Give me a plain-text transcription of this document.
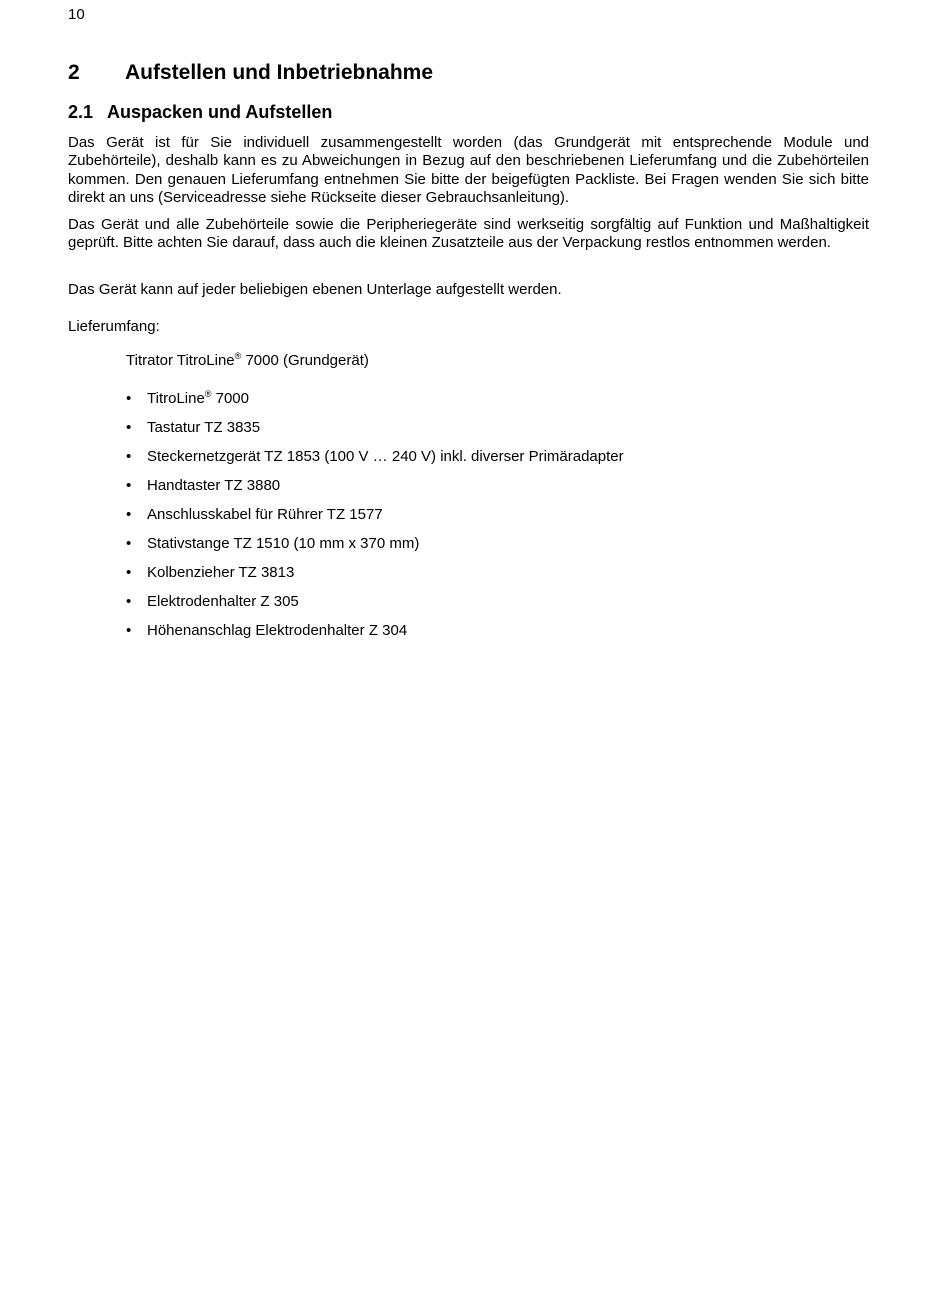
10
2 Aufstellen und Inbetriebnahme
2.1 Auspacken und Aufstellen

Das Gerät ist für Sie individuell zusammengestellt worden (das Grundgerät mit entsprechende Module und Zubehörteile), deshalb kann es zu Abweichungen in Bezug auf den beschriebenen Lieferumfang und die Zubehörteilen kommen. Den genauen Lieferumfang entnehmen Sie bitte der beigefügten Packliste. Bei Fragen wenden Sie sich bitte direkt an uns (Serviceadresse siehe Rückseite dieser Gebrauchsanleitung).

Das Gerät und alle Zubehörteile sowie die Peripheriegeräte sind werkseitig sorgfältig auf Funktion und Maßhaltigkeit geprüft. Bitte achten Sie darauf, dass auch die kleinen Zusatzteile aus der Verpackung restlos entnommen werden.

Das Gerät kann auf jeder beliebigen ebenen Unterlage aufgestellt werden.

Lieferumfang:

Titrator TitroLine® 7000 (Grundgerät)

• TitroLine® 7000
• Tastatur TZ 3835
• Steckernetzgerät TZ 1853 (100 V … 240 V) inkl. diverser Primäradapter
• Handtaster TZ 3880
• Anschlusskabel für Rührer TZ 1577
• Stativstange TZ 1510 (10 mm x 370 mm)
• Kolbenzieher TZ 3813
• Elektrodenhalter Z 305
• Höhenanschlag Elektrodenhalter Z 304
